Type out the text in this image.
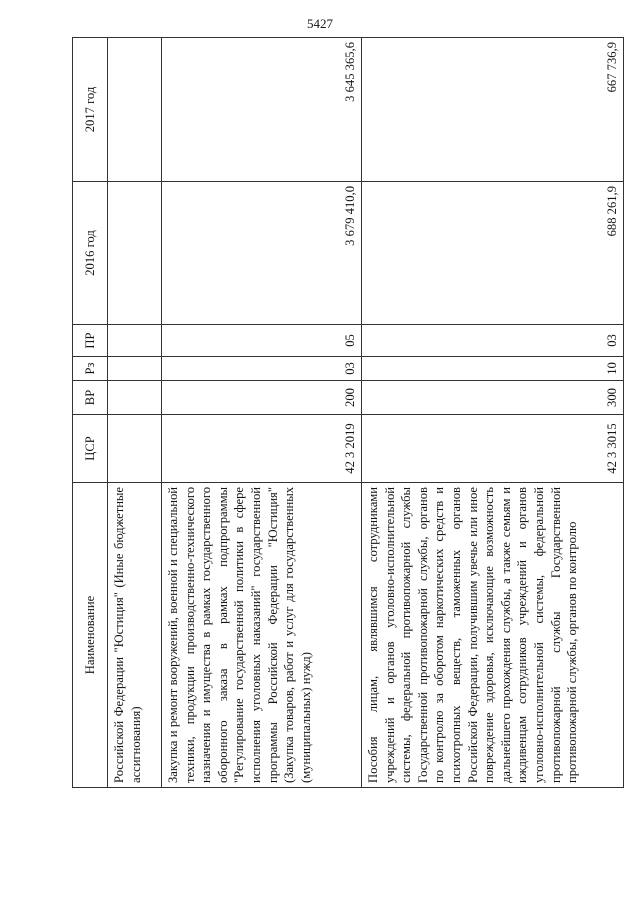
5427
Наименование	ЦСР	ВР	Рз	ПР	2016 год	2017 год
Российской Федерации "Юстиция" (Иные бюджетные ассигнования)						
Закупка и ремонт вооружений, военной и специальной техники, продукции производственно-технического назначения и имущества в рамках государственного оборонного заказа в рамках подпрограммы "Регулирование государственной политики в сфере исполнения уголовных наказаний" государственной программы Российской Федерации "Юстиция" (Закупка товаров, работ и услуг для государственных (муниципальных) нужд)	42 3 2019	200	03	05	3 679 410,0	3 645 365,6
Пособия лицам, являвшимся сотрудниками учреждений и органов уголовно-исполнительной системы, федеральной противопожарной службы Государственной противопожарной службы, органов по контролю за оборотом наркотических средств и психотропных веществ, таможенных органов Российской Федерации, получившим увечье или иное повреждение здоровья, исключающие возможность дальнейшего прохождения службы, а также семьям и иждивенцам сотрудников учреждений и органов уголовно-исполнительной системы, федеральной противопожарной службы Государственной противопожарной службы, органов по контролю	42 3 3015	300	10	03	688 261,9	667 736,9
